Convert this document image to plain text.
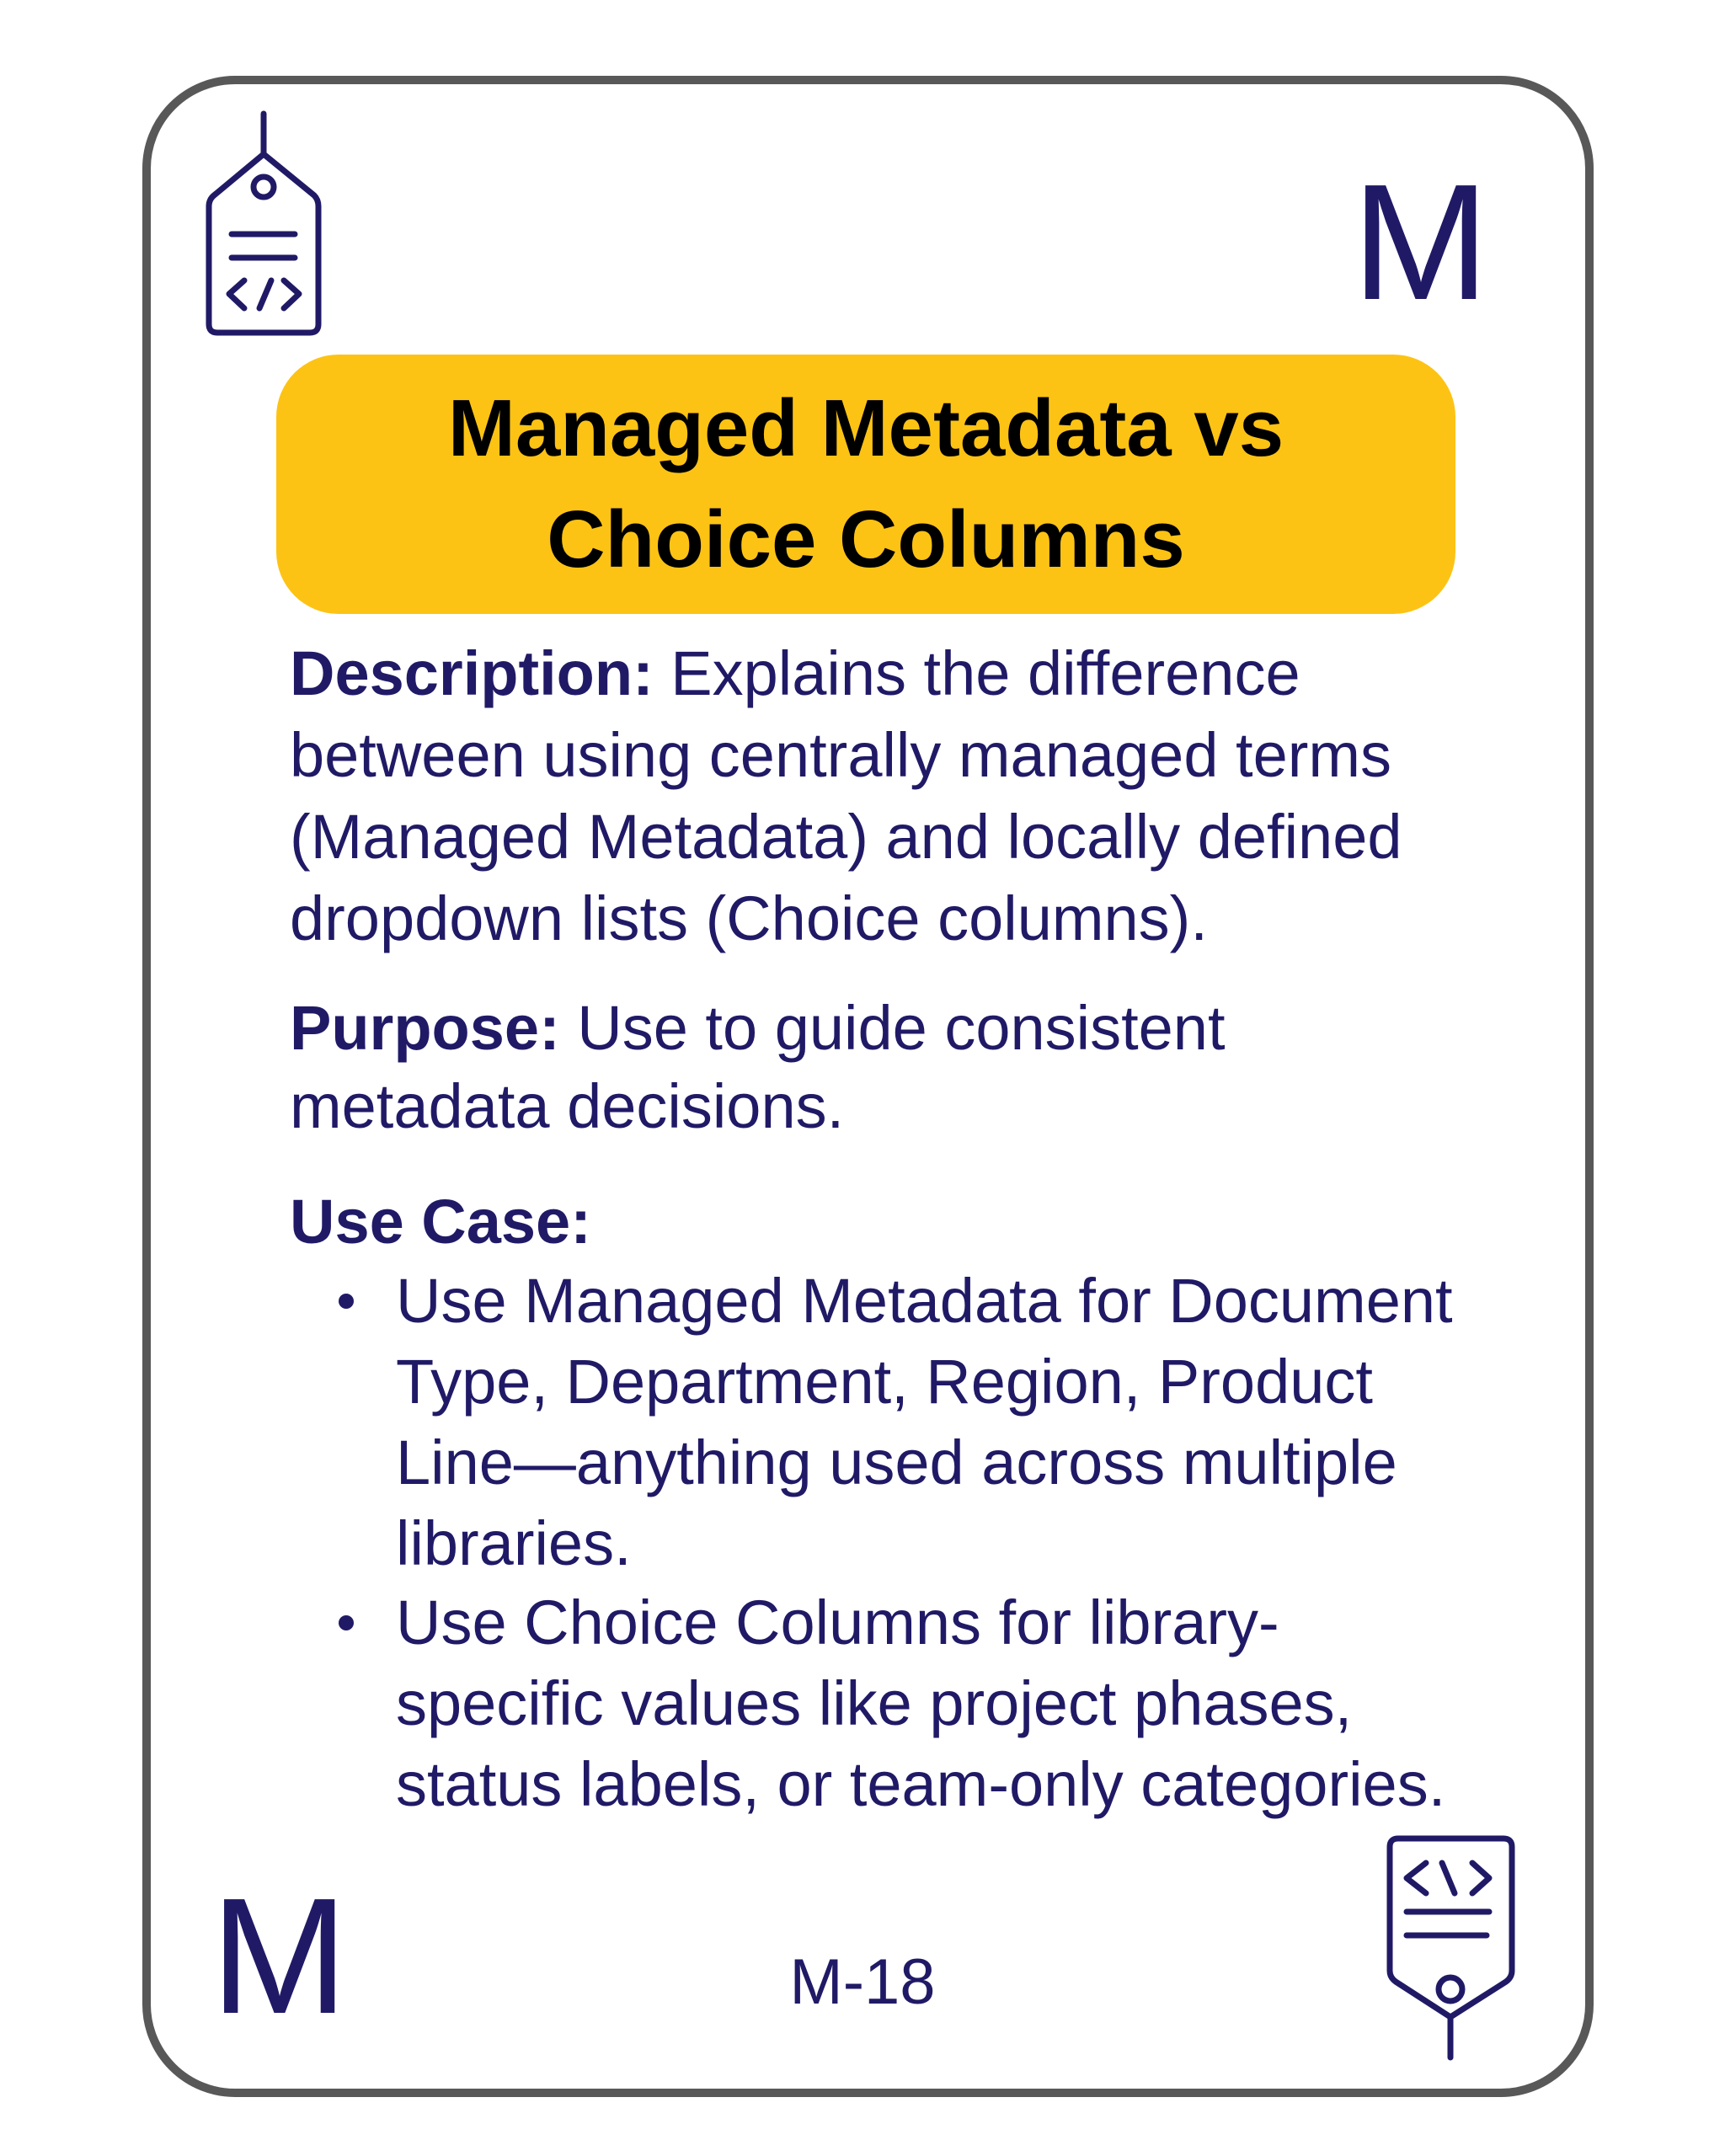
M
M
Managed Metadata vs Choice Columns
Description: Explains the difference
between using centrally managed terms
(Managed Metadata) and locally defined
dropdown lists (Choice columns).
Purpose: Use to guide consistent
metadata decisions.
Use Case:
Use Managed Metadata for Document
Type, Department, Region, Product
Line—anything used across multiple
libraries.
Use Choice Columns for library-
specific values like project phases,
status labels, or team-only categories.
M-18
